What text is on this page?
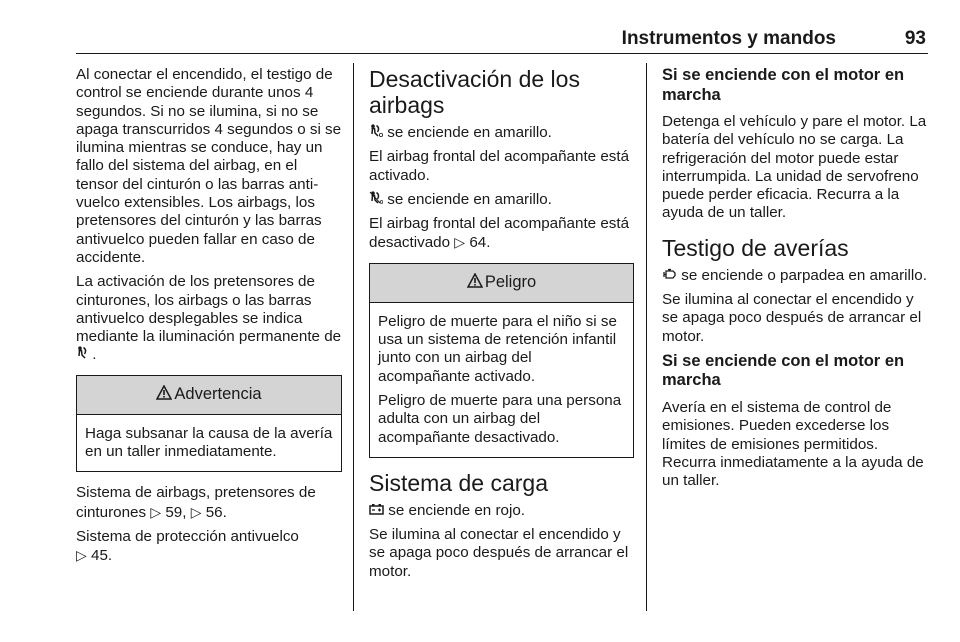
Instrumentos y mandos	93

Al conectar el encendido, el testigo de control se enciende durante unos 4 segundos. Si no se ilumina, si no se apaga transcurridos 4 segundos o si se ilumina mientras se conduce, hay un fallo del sistema del airbag, en el tensor del cinturón o las barras antivuelco extensibles. Los airbags, los pretensores del cinturón y las barras antivuelco pueden fallar en caso de accidente.

La activación de los pretensores de cinturones, los airbags o las barras antivuelco desplegables se indica mediante la iluminación permanente de  .

Advertencia

Haga subsanar la causa de la avería en un taller inmediatamente.

Sistema de airbags, pretensores de cinturones ▷ 59, ▷ 56.

Sistema de protección antivuelco
▷ 45.

Desactivación de los airbags

se enciende en amarillo.

El airbag frontal del acompañante está activado.

se enciende en amarillo.

El airbag frontal del acompañante está desactivado ▷ 64.

Peligro

Peligro de muerte para el niño si se usa un sistema de retención infantil junto con un airbag del acompañante activado.

Peligro de muerte para una persona adulta con un airbag del acompañante desactivado.

Sistema de carga

se enciende en rojo.

Se ilumina al conectar el encendido y se apaga poco después de arrancar el motor.

Si se enciende con el motor en marcha

Detenga el vehículo y pare el motor. La batería del vehículo no se carga. La refrigeración del motor puede estar interrumpida. La unidad de servofreno puede perder eficacia. Recurra a la ayuda de un taller.

Testigo de averías

se enciende o parpadea en amarillo.

Se ilumina al conectar el encendido y se apaga poco después de arrancar el motor.

Si se enciende con el motor en marcha

Avería en el sistema de control de emisiones. Pueden excederse los límites de emisiones permitidos. Recurra inmediatamente a la ayuda de un taller.
